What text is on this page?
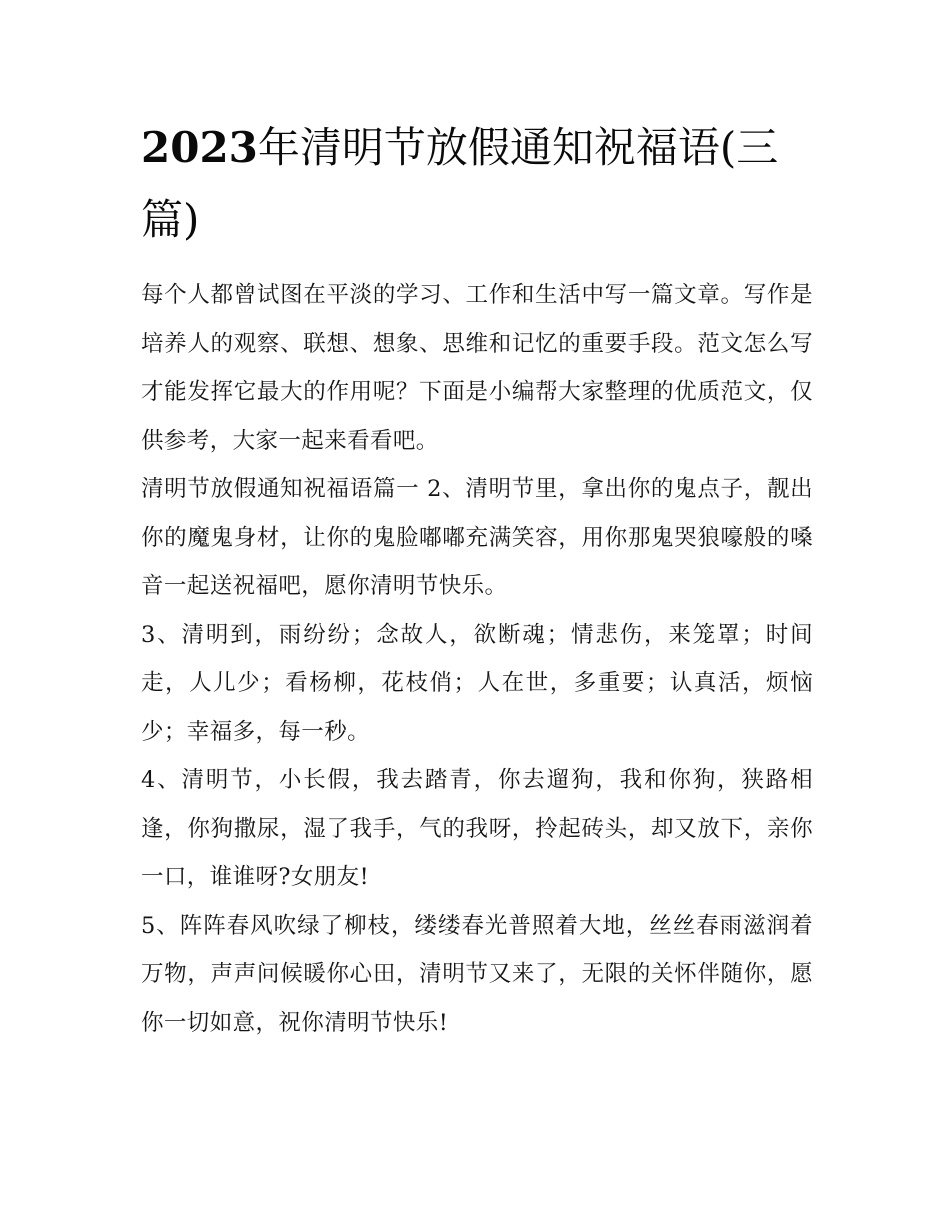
2023年清明节放假通知祝福语(三篇)

每个人都曾试图在平淡的学习、工作和生活中写一篇文章。写作是培养人的观察、联想、想象、思维和记忆的重要手段。范文怎么写才能发挥它最大的作用呢？下面是小编帮大家整理的优质范文，仅供参考，大家一起来看看吧。

清明节放假通知祝福语篇一 2、清明节里，拿出你的鬼点子，靓出你的魔鬼身材，让你的鬼脸嘟嘟充满笑容，用你那鬼哭狼嚎般的嗓音一起送祝福吧，愿你清明节快乐。

3、清明到，雨纷纷；念故人，欲断魂；情悲伤，来笼罩；时间走，人儿少；看杨柳，花枝俏；人在世，多重要；认真活，烦恼少；幸福多，每一秒。

4、清明节，小长假，我去踏青，你去遛狗，我和你狗，狭路相逢，你狗撒尿，湿了我手，气的我呀，拎起砖头，却又放下，亲你一口，谁谁呀?女朋友!

5、阵阵春风吹绿了柳枝，缕缕春光普照着大地，丝丝春雨滋润着万物，声声问候暖你心田，清明节又来了，无限的关怀伴随你，愿你一切如意，祝你清明节快乐!
